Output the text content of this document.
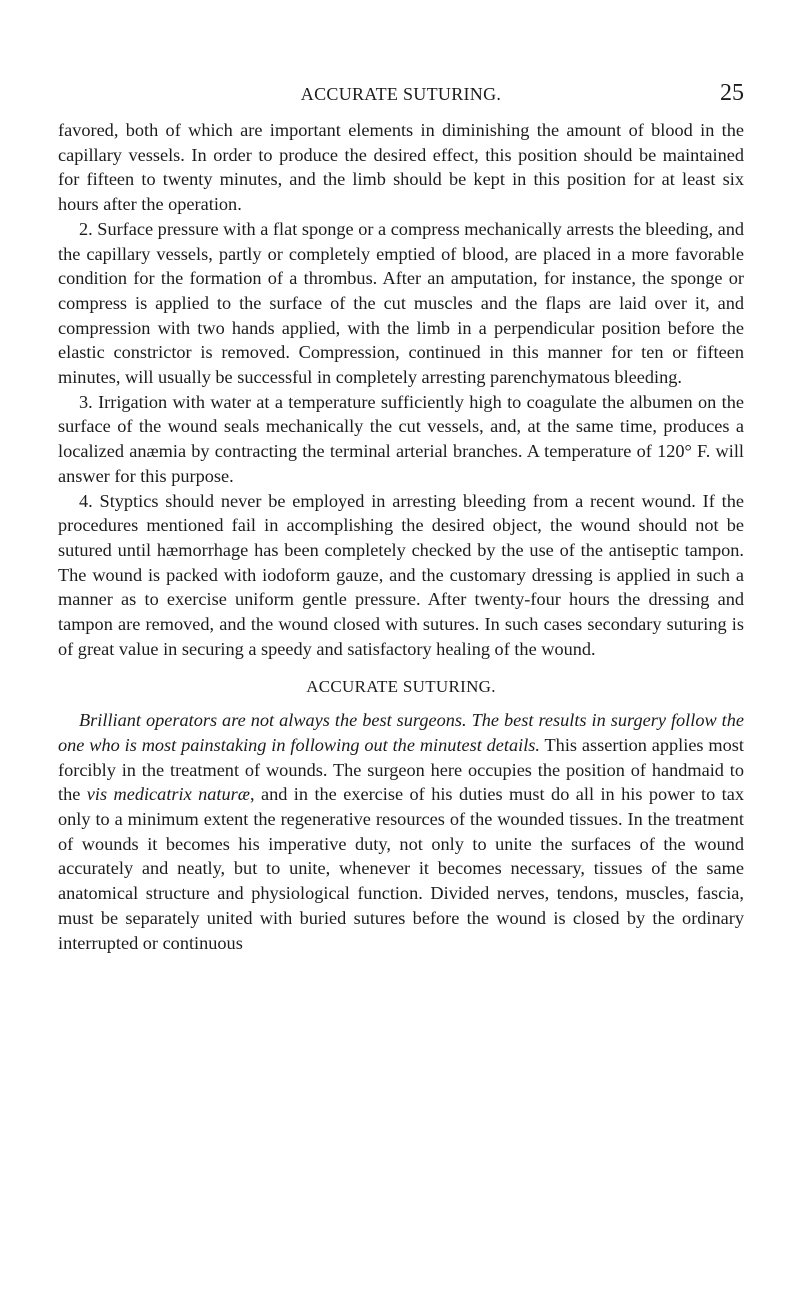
ACCURATE SUTURING.	25

favored, both of which are important elements in diminishing the amount of blood in the capillary vessels. In order to produce the desired effect, this position should be maintained for fifteen to twenty minutes, and the limb should be kept in this position for at least six hours after the operation.

2. Surface pressure with a flat sponge or a compress mechanically arrests the bleeding, and the capillary vessels, partly or completely emptied of blood, are placed in a more favorable condition for the formation of a thrombus. After an amputation, for instance, the sponge or compress is applied to the surface of the cut muscles and the flaps are laid over it, and compression with two hands applied, with the limb in a perpendicular position before the elastic constrictor is removed. Compression, continued in this manner for ten or fifteen minutes, will usually be successful in completely arresting parenchymatous bleeding.

3. Irrigation with water at a temperature sufficiently high to coagulate the albumen on the surface of the wound seals mechanically the cut vessels, and, at the same time, produces a localized anæmia by contracting the terminal arterial branches. A temperature of 120° F. will answer for this purpose.

4. Styptics should never be employed in arresting bleeding from a recent wound. If the procedures mentioned fail in accomplishing the desired object, the wound should not be sutured until hæmorrhage has been completely checked by the use of the antiseptic tampon. The wound is packed with iodoform gauze, and the customary dressing is applied in such a manner as to exercise uniform gentle pressure. After twenty-four hours the dressing and tampon are removed, and the wound closed with sutures. In such cases secondary suturing is of great value in securing a speedy and satisfactory healing of the wound.

ACCURATE SUTURING.

Brilliant operators are not always the best surgeons. The best results in surgery follow the one who is most painstaking in following out the minutest details. This assertion applies most forcibly in the treatment of wounds. The surgeon here occupies the position of handmaid to the vis medicatrix naturæ, and in the exercise of his duties must do all in his power to tax only to a minimum extent the regenerative resources of the wounded tissues. In the treatment of wounds it becomes his imperative duty, not only to unite the surfaces of the wound accurately and neatly, but to unite, whenever it becomes necessary, tissues of the same anatomical structure and physiological function. Divided nerves, tendons, muscles, fascia, must be separately united with buried sutures before the wound is closed by the ordinary interrupted or continuous
